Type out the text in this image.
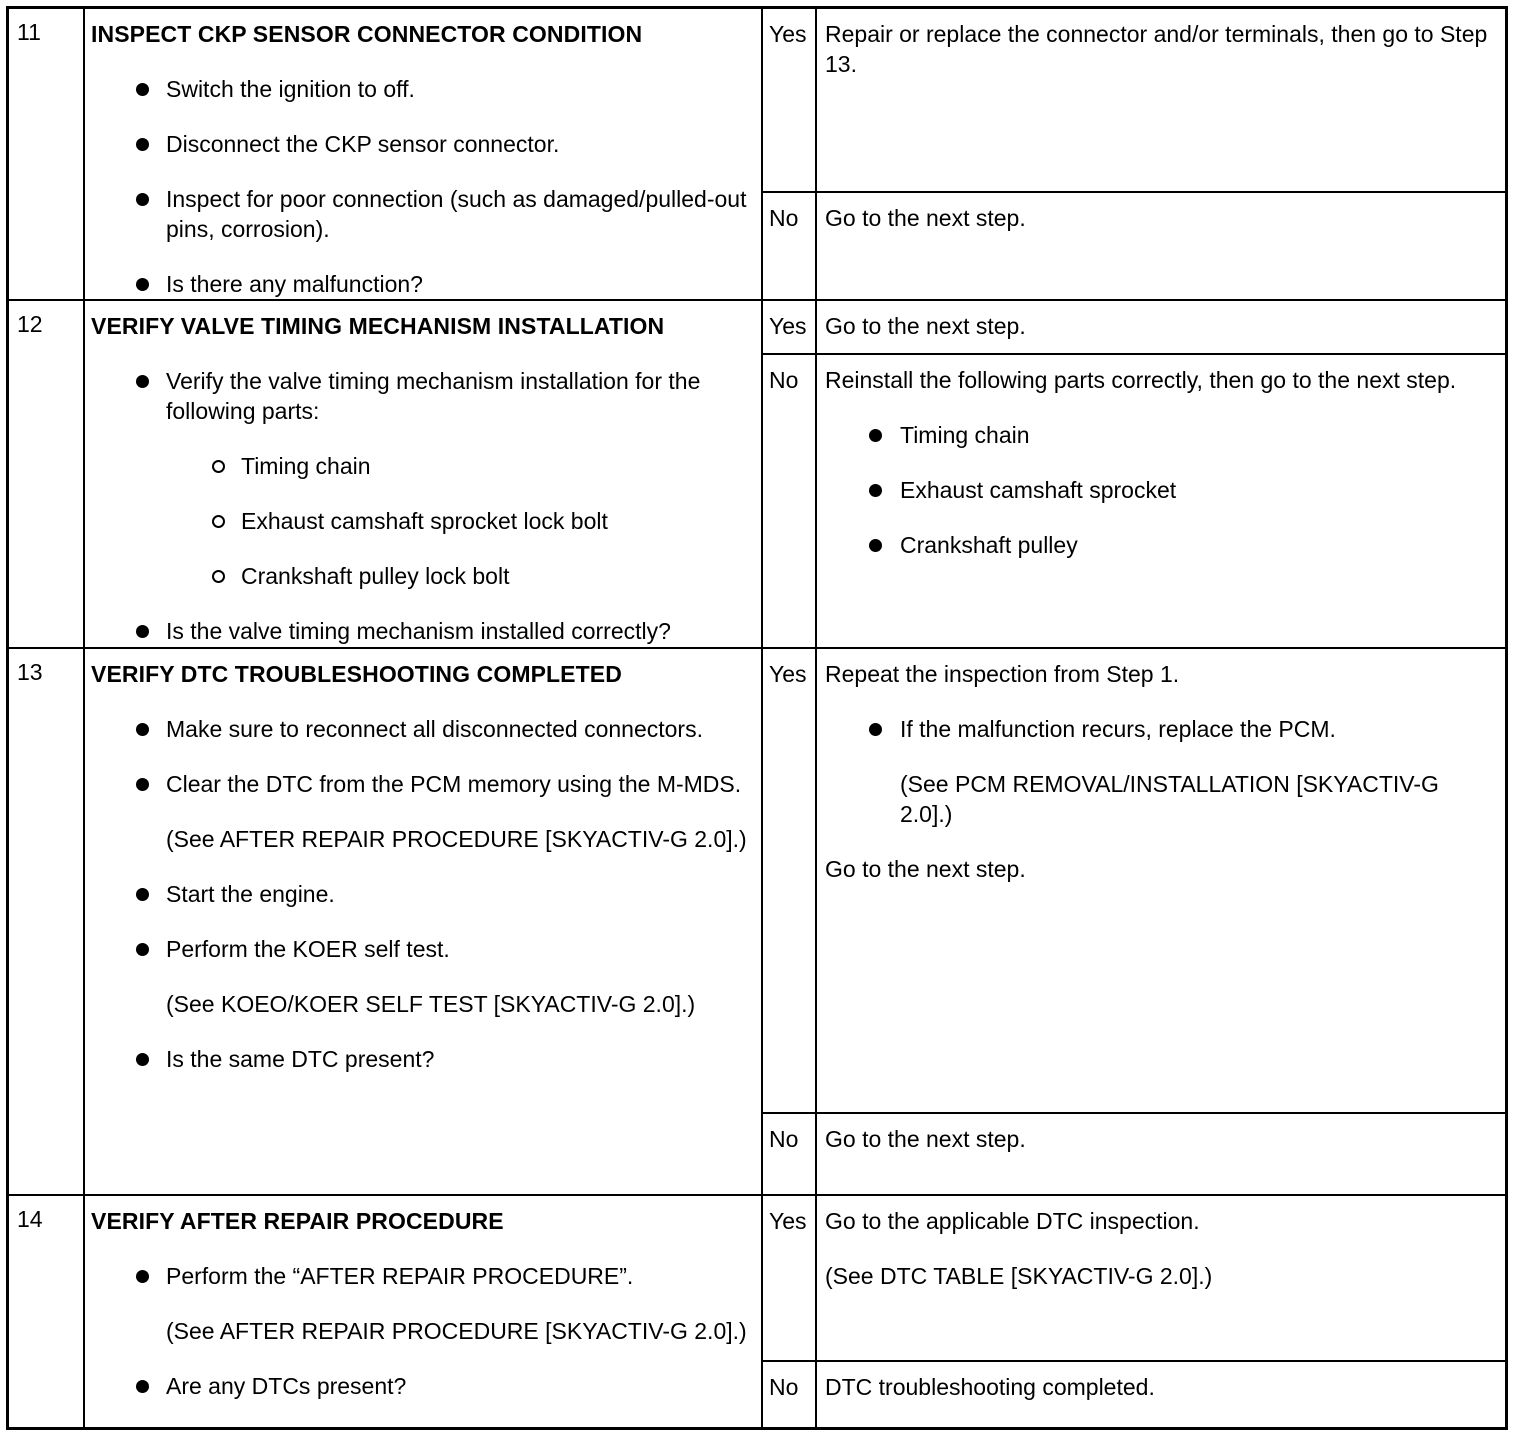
11 INSPECT CKP SENSOR CONNECTOR CONDITION
Switch the ignition to off.
Disconnect the CKP sensor connector.
Inspect for poor connection (such as damaged/pulled-out pins, corrosion).
Is there any malfunction?
Yes Repair or replace the connector and/or terminals, then go to Step 13.

No Go to the next step.

12 VERIFY VALVE TIMING MECHANISM INSTALLATION
Verify the valve timing mechanism installation for the following parts:
Timing chain
Exhaust camshaft sprocket lock bolt
Crankshaft pulley lock bolt
Is the valve timing mechanism installed correctly?
Yes Go to the next step.

No Reinstall the following parts correctly, then go to the next step.

Timing chain
Exhaust camshaft sprocket
Crankshaft pulley
13 VERIFY DTC TROUBLESHOOTING COMPLETED
Make sure to reconnect all disconnected connectors.
Clear the DTC from the PCM memory using the M-MDS.
(See AFTER REPAIR PROCEDURE [SKYACTIV-G 2.0].)
Start the engine.
Perform the KOER self test.
(See KOEO/KOER SELF TEST [SKYACTIV-G 2.0].)
Is the same DTC present?
Yes Repeat the inspection from Step 1.

If the malfunction recurs, replace the PCM.
(See PCM REMOVAL/INSTALLATION [SKYACTIV-G 2.0].)

Go to the next step.

No Go to the next step.

14 VERIFY AFTER REPAIR PROCEDURE
Perform the “AFTER REPAIR PROCEDURE”.
(See AFTER REPAIR PROCEDURE [SKYACTIV-G 2.0].)
Are any DTCs present?
Yes Go to the applicable DTC inspection.

(See DTC TABLE [SKYACTIV-G 2.0].)

No DTC troubleshooting completed.
